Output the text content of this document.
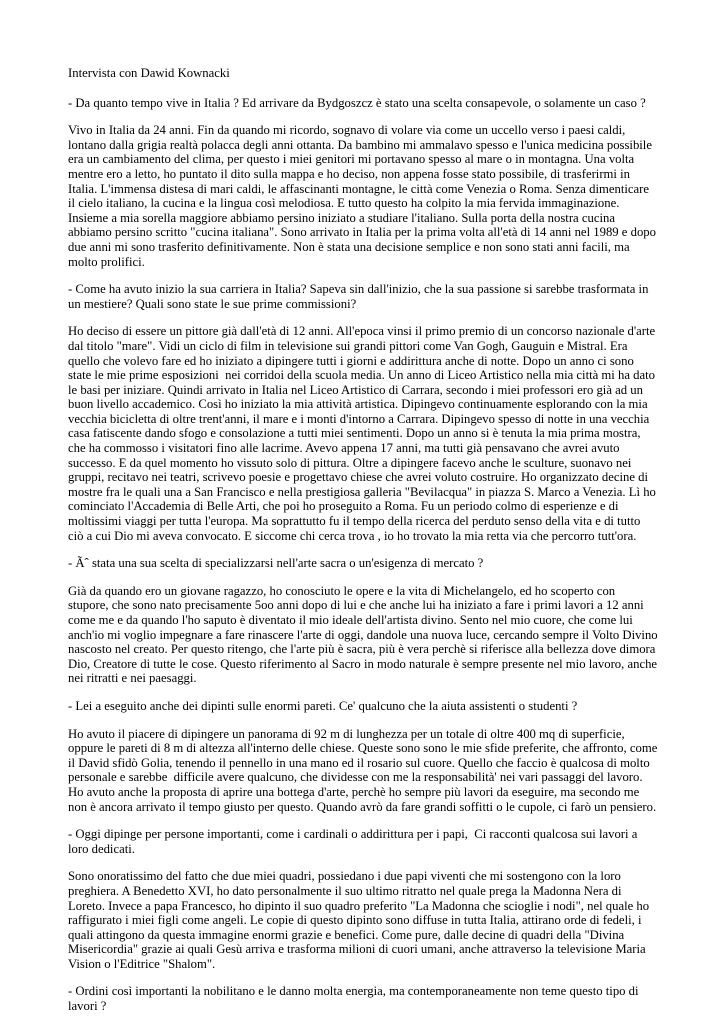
Intervista con Dawid Kownacki

- Da quanto tempo vive in Italia ? Ed arrivare da Bydgoszcz è stato una scelta consapevole, o solamente un caso ?

Vivo in Italia da 24 anni. Fin da quando mi ricordo, sognavo di volare via come un uccello verso i paesi caldi, lontano dalla grigia realtà polacca degli anni ottanta. Da bambino mi ammalavo spesso e l'unica medicina possibile era un cambiamento del clima, per questo i miei genitori mi portavano spesso al mare o in montagna. Una volta mentre ero a letto, ho puntato il dito sulla mappa e ho deciso, non appena fosse stato possibile, di trasferirmi in Italia. L'immensa distesa di mari caldi, le affascinanti montagne, le città come Venezia o Roma. Senza dimenticare il cielo italiano, la cucina e la lingua così melodiosa. E tutto questo ha colpito la mia fervida immaginazione. Insieme a mia sorella maggiore abbiamo persino iniziato a studiare l'italiano. Sulla porta della nostra cucina abbiamo persino scritto "cucina italiana". Sono arrivato in Italia per la prima volta all'età di 14 anni nel 1989 e dopo due anni mi sono trasferito definitivamente. Non è stata una decisione semplice e non sono stati anni facili, ma molto prolifici.

- Come ha avuto inizio la sua carriera in Italia? Sapeva sin dall'inizio, che la sua passione si sarebbe trasformata in un mestiere? Quali sono state le sue prime commissioni?

Ho deciso di essere un pittore già dall'età di 12 anni. All'epoca vinsi il primo premio di un concorso nazionale d'arte dal titolo "mare". Vidi un ciclo di film in televisione sui grandi pittori come Van Gogh, Gauguin e Mistral. Era quello che volevo fare ed ho iniziato a dipingere tutti i giorni e addirittura anche di notte. Dopo un anno ci sono state le mie prime esposizioni  nei corridoi della scuola media. Un anno di Liceo Artistico nella mia città mi ha dato le basi per iniziare. Quindi arrivato in Italia nel Liceo Artistico di Carrara, secondo i miei professori ero già ad un buon livello accademico. Così ho iniziato la mia attività artistica. Dipingevo continuamente esplorando con la mia vecchia bicicletta di oltre trent'anni, il mare e i monti d'intorno a Carrara. Dipingevo spesso di notte in una vecchia casa fatiscente dando sfogo e consolazione a tutti miei sentimenti. Dopo un anno si è tenuta la mia prima mostra, che ha commosso i visitatori fino alle lacrime. Avevo appena 17 anni, ma tutti già pensavano che avrei avuto successo. E da quel momento ho vissuto solo di pittura. Oltre a dipingere facevo anche le sculture, suonavo nei gruppi, recitavo nei teatri, scrivevo poesie e progettavo chiese che avrei voluto costruire. Ho organizzato decine di mostre fra le quali una a San Francisco e nella prestigiosa galleria "Bevilacqua" in piazza S. Marco a Venezia. Lì ho cominciato l'Accademia di Belle Arti, che poi ho proseguito a Roma. Fu un periodo colmo di esperienze e di moltissimi viaggi per tutta l'europa. Ma soprattutto fu il tempo della ricerca del perduto senso della vita e di tutto ciò a cui Dio mi aveva convocato. E siccome chi cerca trova , io ho trovato la mia retta via che percorro tutt'ora.

- Ãˆ stata una sua scelta di specializzarsi nell'arte sacra o un'esigenza di mercato ?

Già da quando ero un giovane ragazzo, ho conosciuto le opere e la vita di Michelangelo, ed ho scoperto con stupore, che sono nato precisamente 5oo anni dopo di lui e che anche lui ha iniziato a fare i primi lavori a 12 anni come me e da quando l'ho saputo è diventato il mio ideale dell'artista divino. Sento nel mio cuore, che come lui anch'io mi voglio impegnare a fare rinascere l'arte di oggi, dandole una nuova luce, cercando sempre il Volto Divino nascosto nel creato. Per questo ritengo, che l'arte più è sacra, più è vera perchè si riferisce alla bellezza dove dimora Dio, Creatore di tutte le cose. Questo riferimento al Sacro in modo naturale è sempre presente nel mio lavoro, anche nei ritratti e nei paesaggi.

- Lei a eseguito anche dei dipinti sulle enormi pareti. Ce' qualcuno che la aiuta assistenti o studenti ?

Ho avuto il piacere di dipingere un panorama di 92 m di lunghezza per un totale di oltre 400 mq di superficie, oppure le pareti di 8 m di altezza all'interno delle chiese. Queste sono sono le mie sfide preferite, che affronto, come il David sfidò Golia, tenendo il pennello in una mano ed il rosario sul cuore. Quello che faccio è qualcosa di molto personale e sarebbe  difficile avere qualcuno, che dividesse con me la responsabilità' nei vari passaggi del lavoro. Ho avuto anche la proposta di aprire una bottega d'arte, perchè ho sempre più lavori da eseguire, ma secondo me non è ancora arrivato il tempo giusto per questo. Quando avrò da fare grandi soffitti o le cupole, ci farò un pensiero.

- Oggi dipinge per persone importanti, come i cardinali o addirittura per i papi,  Ci racconti qualcosa sui lavori a loro dedicati.

Sono onoratissimo del fatto che due miei quadri, possiedano i due papi viventi che mi sostengono con la loro preghiera. A Benedetto XVI, ho dato personalmente il suo ultimo ritratto nel quale prega la Madonna Nera di Loreto. Invece a papa Francesco, ho dipinto il suo quadro preferito "La Madonna che scioglie i nodi", nel quale ho raffigurato i miei figli come angeli. Le copie di questo dipinto sono diffuse in tutta Italia, attirano orde di fedeli, i quali attingono da questa immagine enormi grazie e benefici. Come pure, dalle decine di quadri della "Divina Misericordia" grazie ai quali Gesù arriva e trasforma milioni di cuori umani, anche attraverso la televisione Maria Vision o l'Editrice "Shalom".

- Ordini così importanti la nobilitano e le danno molta energia, ma contemporaneamente non teme questo tipo di lavori ?
